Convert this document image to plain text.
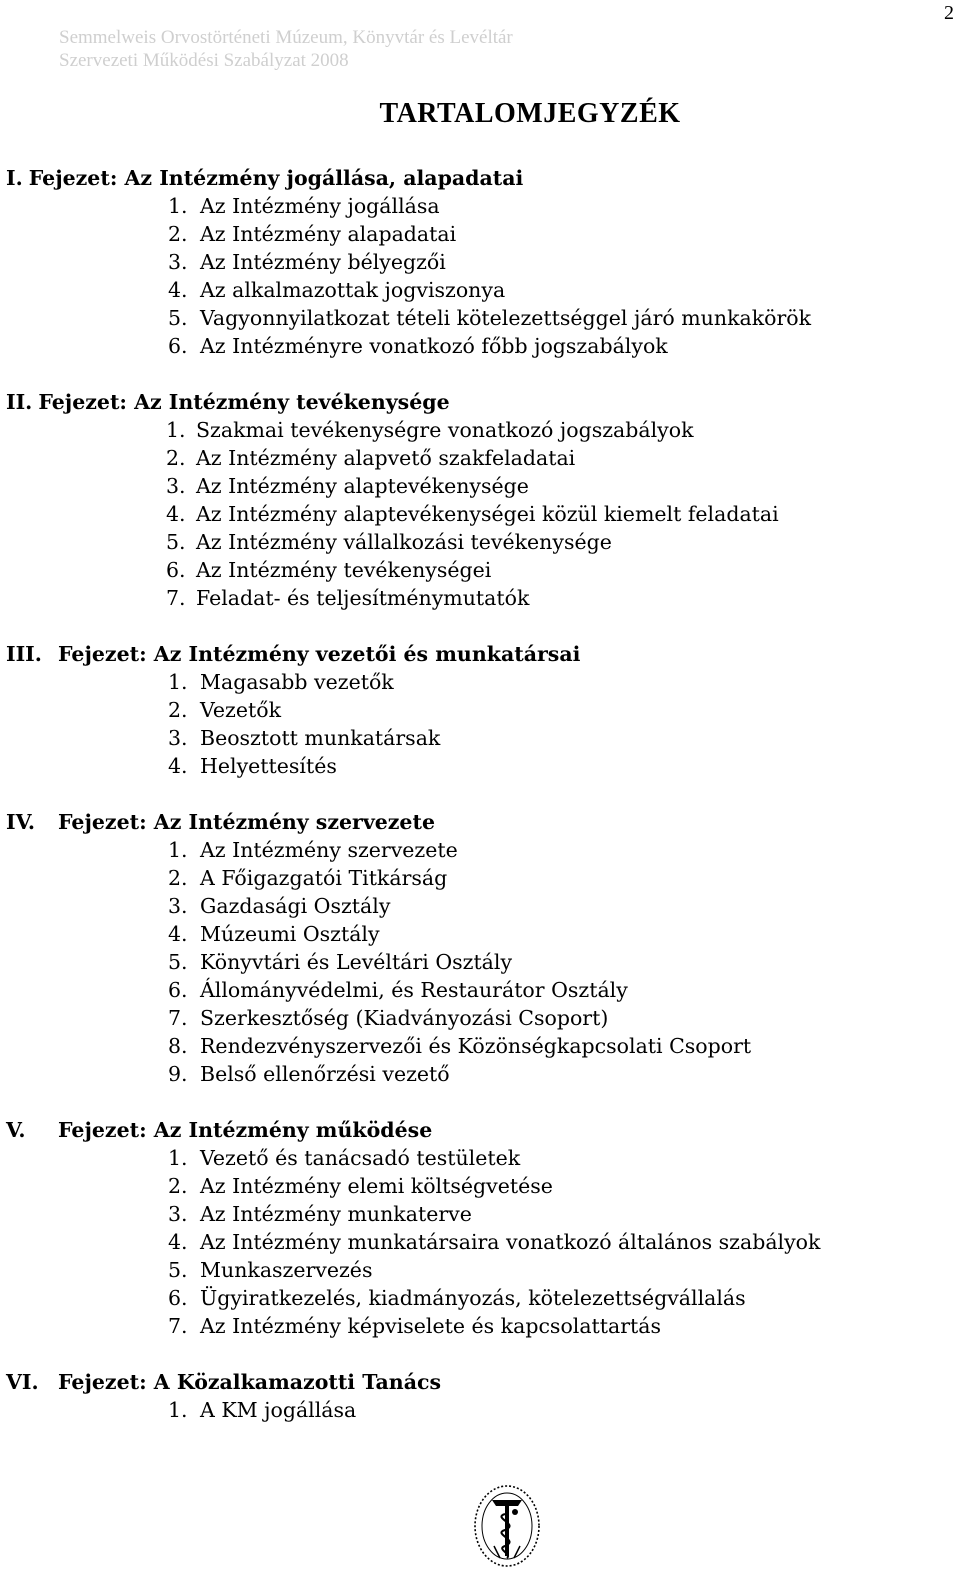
Semmelweis Orvostörténeti Múzeum, Könyvtár és Levéltár
Szervezeti Működési Szabályzat 2008
2
TARTALOMJEGYZÉK
I. Fejezet: Az Intézmény jogállása, alapadatai
1. Az Intézmény jogállása
2. Az Intézmény alapadatai
3. Az Intézmény bélyegzői
4. Az alkalmazottak jogviszonya
5. Vagyonnyilatkozat tételi kötelezettséggel járó munkakörök
6. Az Intézményre vonatkozó főbb jogszabályok
II. Fejezet: Az Intézmény tevékenysége
1. Szakmai tevékenységre vonatkozó jogszabályok
2. Az Intézmény alapvető szakfeladatai
3. Az Intézmény alaptevékenysége
4. Az Intézmény alaptevékenységei közül kiemelt feladatai
5. Az Intézmény vállalkozási tevékenysége
6. Az Intézmény tevékenységei
7. Feladat- és teljesítménymutatók
III. Fejezet: Az Intézmény vezetői és munkatársai
1. Magasabb vezetők
2. Vezetők
3. Beosztott munkatársak
4. Helyettesítés
IV.	Fejezet: Az Intézmény szervezete
1. Az Intézmény szervezete
2. A Főigazgatói Titkárság
3. Gazdasági Osztály
4. Múzeumi Osztály
5. Könyvtári és Levéltári Osztály
6. Állományvédelmi, és Restaurátor Osztály
7. Szerkesztőség (Kiadványozási Csoport)
8. Rendezvényszervezői és Közönségkapcsolati Csoport
9. Belső ellenőrzési vezető
V.	Fejezet: Az Intézmény működése
1. Vezető és tanácsadó testületek
2. Az Intézmény elemi költségvetése
3. Az Intézmény munkaterve
4. Az Intézmény munkatársaira vonatkozó általános szabályok
5. Munkaszervezés
6. Ügyiratkezelés, kiadmányozás, kötelezettségvállalás
7. Az Intézmény képviselete és kapcsolattartás
VI. Fejezet: A Közalkamazotti Tanács
1. A KM jogállása
